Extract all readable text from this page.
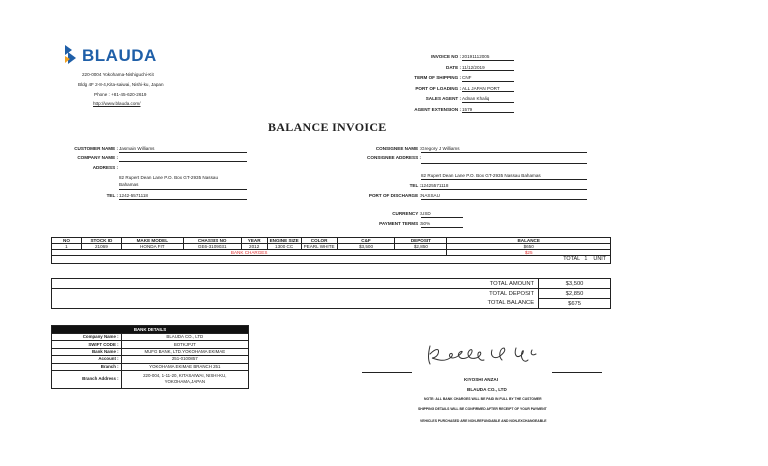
BLAUDA
220-0004 Yokohama-Nishiguchi-Kit
Bldg 4F 2-8-4,Kita-saiwai, Nishi-ku, Japan
Phone : +81-45-620-2619
http://www.blauda.com/
INVOICE NO : 20191112005
DATE : 11/12/2019
TERM OF SHIPPING : CNF
PORT OF LOADING : ALL JAPAN PORT
SALES AGENT : Adnan Khaliq
AGENT EXTENSION : 1579
BALANCE INVOICE
CUSTOMER NAME : Jasmain Williams
COMPANY NAME :
ADDRESS :
82 Rupert Dean Lane P.O. Box GT-2935 Nassau
Bahamas
TEL : 1242-5571118
CONSIGNEE NAME : Gregory J Williams
CONSIGNEE ADDRESS :
82 Rupert Dean Lane P.O. Box GT-2935 Nassau Bahamas
TEL : 12425571118
PORT OF DISCHARGE : NASSAU
CURRENCY : USD
PAYMENT TERMS : 50%
NO	STOCK ID	MAKE MODEL	CHASSIS NO	YEAR	ENGINE SIZE	COLOR	C&F	DEPOSIT	BALANCE
1	21069	HONDA FIT	GE6-3109031	2012	1300 CC	PEARL WHITE	$3,500	$2,850	$650
BANK CHARGES									$25
TOTAL 1 UNIT									
TOTAL AMOUNT	$3,500
TOTAL DEPOSIT	$2,850
TOTAL BALANCE	$675
BANK DETAILS	
Company Name :	BLAUDA CO., LTD
SWIFT CODE :	BOTKJPJT
Bank Name :	MUFG BANK, LTD.YOKOHAMA EKIMAE
Account :	251-0100857
Branch :	YOKOHAMA EKIMAE BRANCH 251
Branch Address :	220-004, 1-11-20, KITASAIWAI, NISHI-KU, YOKOHAMA,JAPAN	KIYOSHI ANZAI
BLAUDA CO., LTD
NOTE: ALL BANK CHARGES WILL BE PAID IN FULL BY THE CUSTOMER
SHIPPING DETAILS WILL BE CONFIRMED AFTER RECEIPT OF YOUR PAYMENT
VEHICLES PURCHASED ARE NON-REFUNDABLE AND NON-EXCHANGEABLE
